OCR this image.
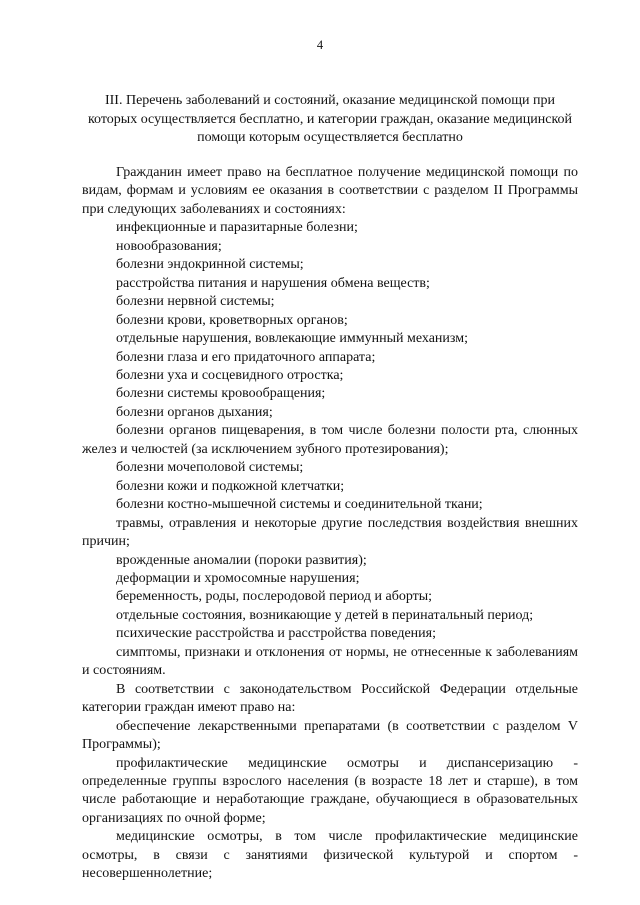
4
III. Перечень заболеваний и состояний, оказание медицинской помощи при которых осуществляется бесплатно, и категории граждан, оказание медицинской помощи которым осуществляется бесплатно

Гражданин имеет право на бесплатное получение медицинской помощи по видам, формам и условиям ее оказания в соответствии с разделом II Программы при следующих заболеваниях и состояниях:

инфекционные и паразитарные болезни;

новообразования;

болезни эндокринной системы;

расстройства питания и нарушения обмена веществ;

болезни нервной системы;

болезни крови, кроветворных органов;

отдельные нарушения, вовлекающие иммунный механизм;

болезни глаза и его придаточного аппарата;

болезни уха и сосцевидного отростка;

болезни системы кровообращения;

болезни органов дыхания;

болезни органов пищеварения, в том числе болезни полости рта, слюнных желез и челюстей (за исключением зубного протезирования);

болезни мочеполовой системы;

болезни кожи и подкожной клетчатки;

болезни костно-мышечной системы и соединительной ткани;

травмы, отравления и некоторые другие последствия воздействия внешних причин;

врожденные аномалии (пороки развития);

деформации и хромосомные нарушения;

беременность, роды, послеродовой период и аборты;

отдельные состояния, возникающие у детей в перинатальный период;

психические расстройства и расстройства поведения;

симптомы, признаки и отклонения от нормы, не отнесенные к заболеваниям и состояниям.

В соответствии с законодательством Российской Федерации отдельные категории граждан имеют право на:

обеспечение лекарственными препаратами (в соответствии с разделом V Программы);

профилактические медицинские осмотры и диспансеризацию - определенные группы взрослого населения (в возрасте 18 лет и старше), в том числе работающие и неработающие граждане, обучающиеся в образовательных организациях по очной форме;

медицинские осмотры, в том числе профилактические медицинские осмотры, в связи с занятиями физической культурой и спортом - несовершеннолетние;
